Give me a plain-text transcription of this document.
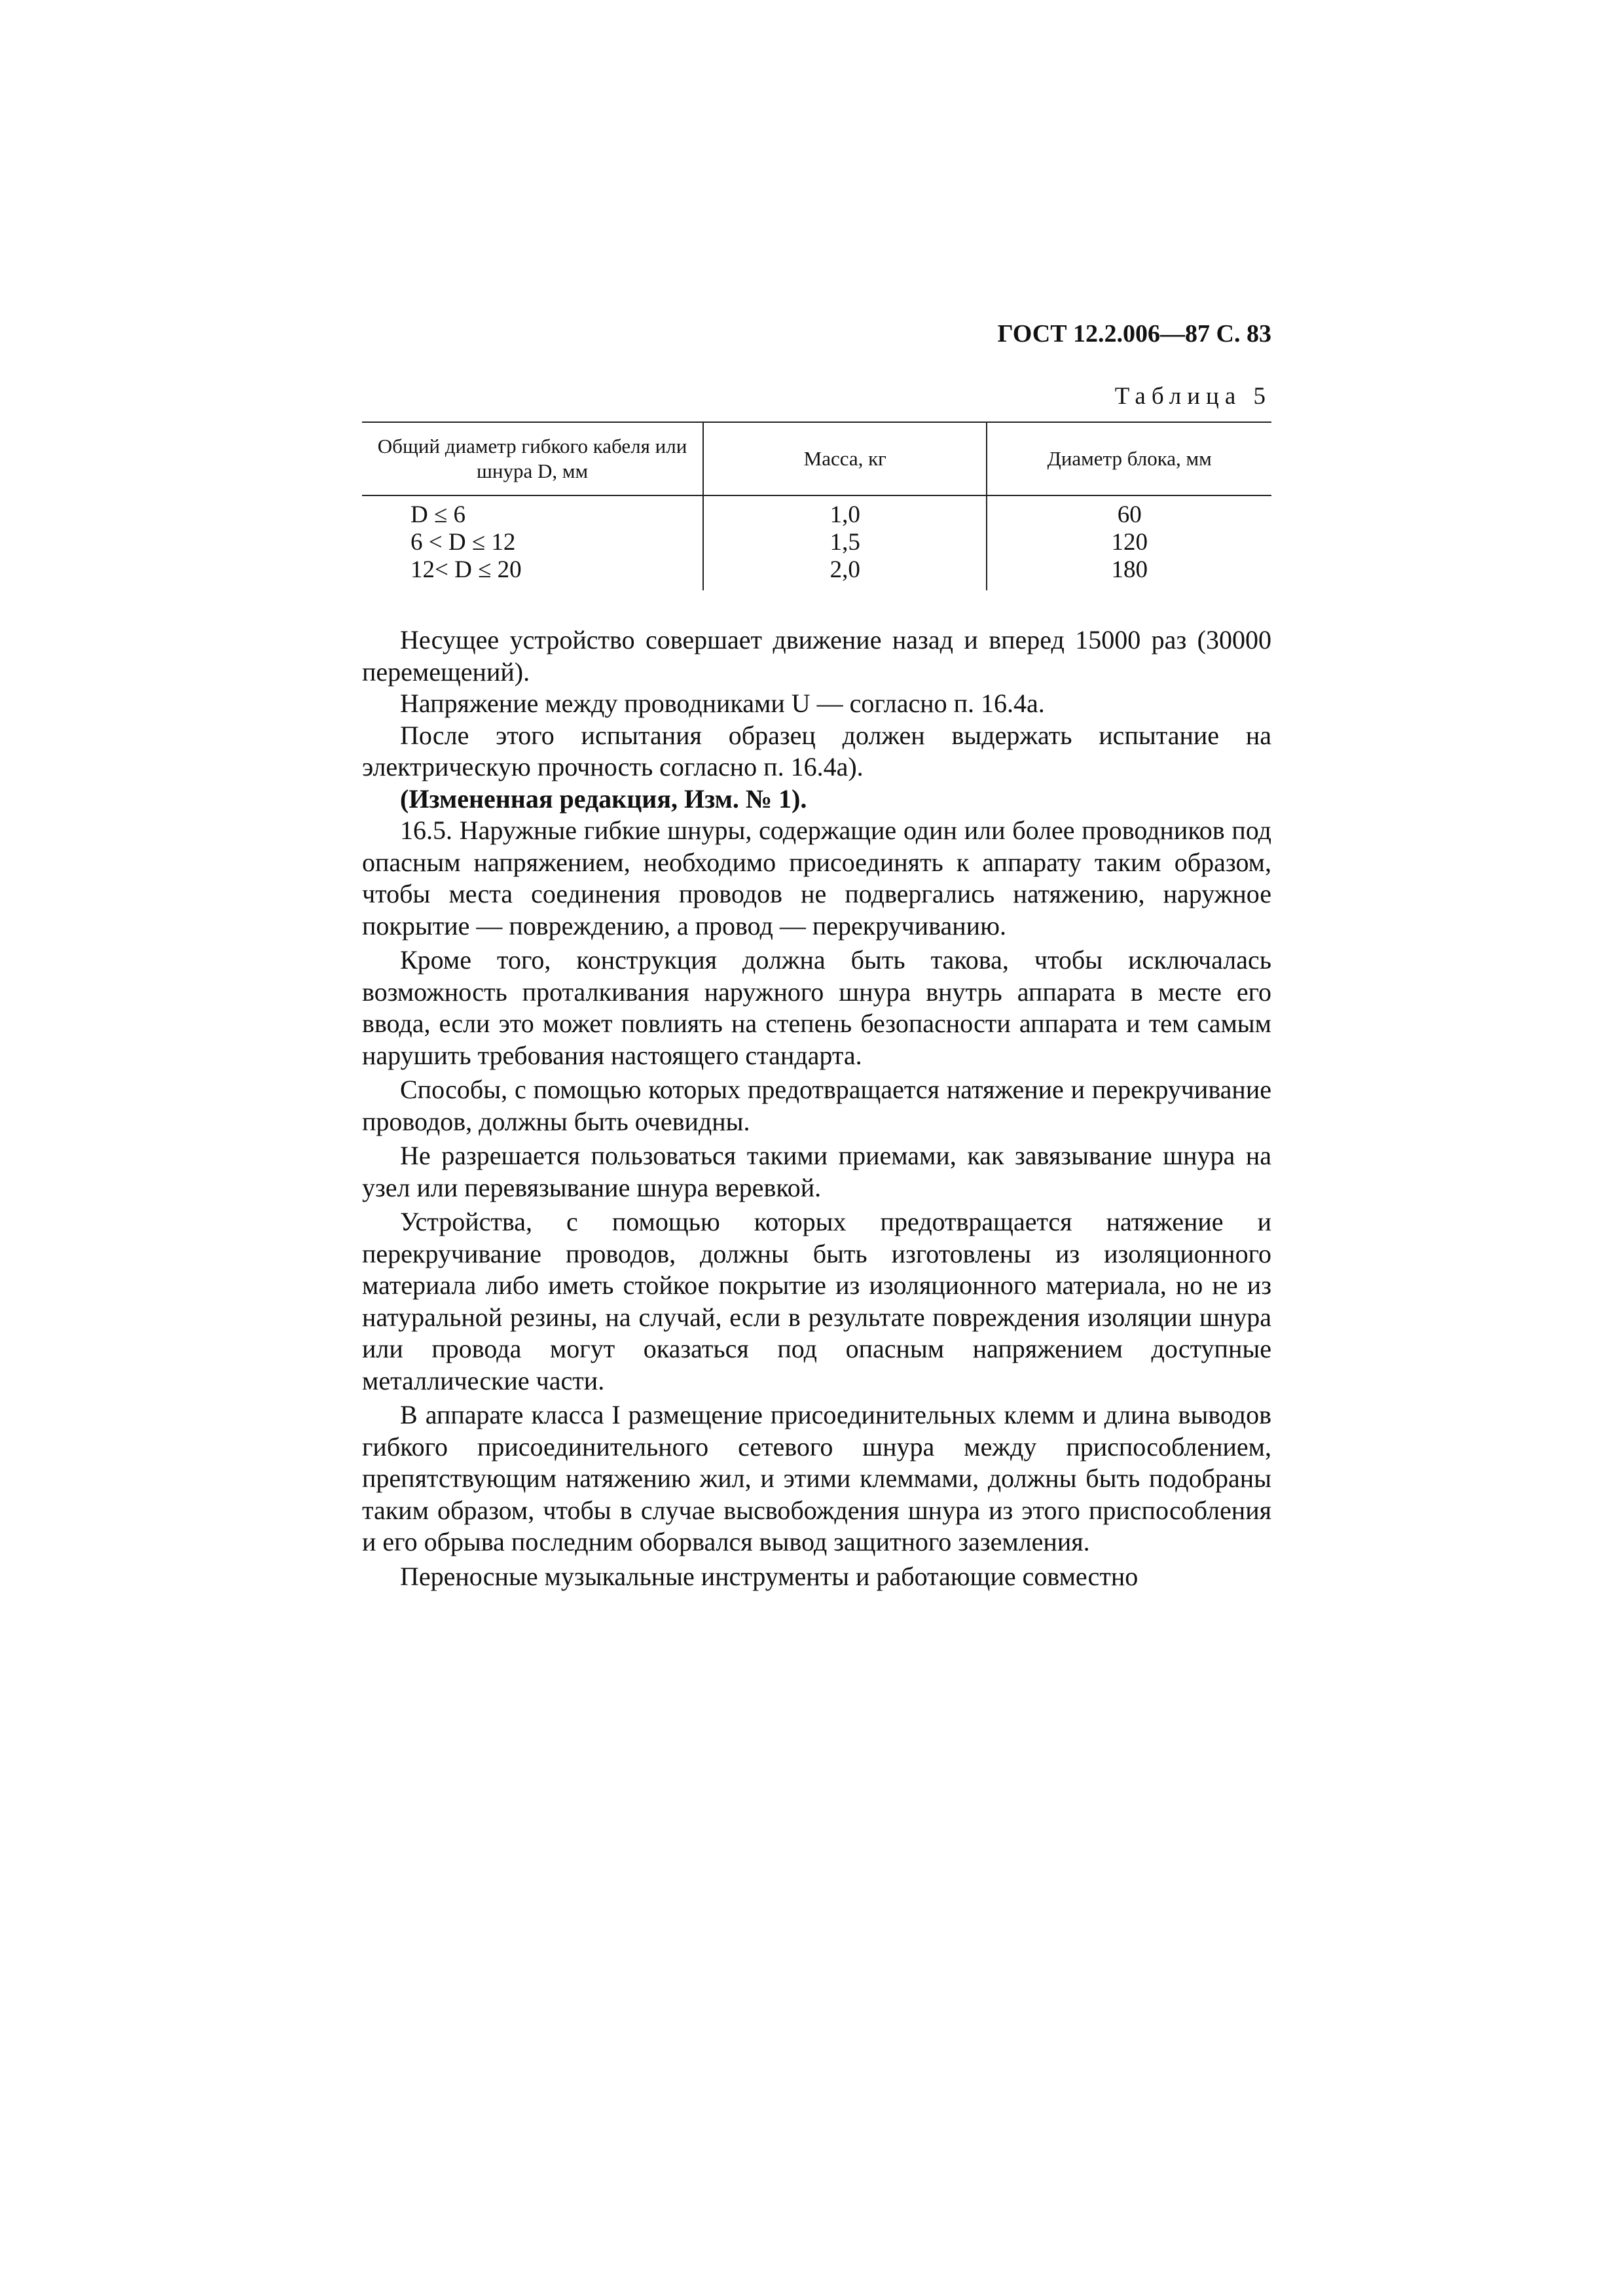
ГОСТ 12.2.006—87 С. 83
Таблица 5
Общий диаметр гибкого кабеля или шнура D, мм	Масса, кг	Диаметр блока, мм
D ≤ 6	1,0	60
6 < D ≤ 12	1,5	120
12< D ≤ 20	2,0	180

Несущее устройство совершает движение назад и вперед 15000 раз (30000 перемещений).

Напряжение между проводниками U — согласно п. 16.4а.

После этого испытания образец должен выдержать испытание на электрическую прочность согласно п. 16.4а).

(Измененная редакция, Изм. № 1).

16.5. Наружные гибкие шнуры, содержащие один или более проводников под опасным напряжением, необходимо присоединять к аппарату таким образом, чтобы места соединения проводов не подвергались натяжению, наружное покрытие — повреждению, а провод — перекручиванию.

Кроме того, конструкция должна быть такова, чтобы исключалась возможность проталкивания наружного шнура внутрь аппарата в месте его ввода, если это может повлиять на степень безопасности аппарата и тем самым нарушить требования настоящего стандарта.

Способы, с помощью которых предотвращается натяжение и перекручивание проводов, должны быть очевидны.

Не разрешается пользоваться такими приемами, как завязывание шнура на узел или перевязывание шнура веревкой.

Устройства, с помощью которых предотвращается натяжение и перекручивание проводов, должны быть изготовлены из изоляционного материала либо иметь стойкое покрытие из изоляционного материала, но не из натуральной резины, на случай, если в результате повреждения изоляции шнура или провода могут оказаться под опасным напряжением доступные металлические части.

В аппарате класса I размещение присоединительных клемм и длина выводов гибкого присоединительного сетевого шнура между приспособлением, препятствующим натяжению жил, и этими клеммами, должны быть подобраны таким образом, чтобы в случае высвобождения шнура из этого приспособления и его обрыва последним оборвался вывод защитного заземления.

Переносные музыкальные инструменты и работающие совместно
